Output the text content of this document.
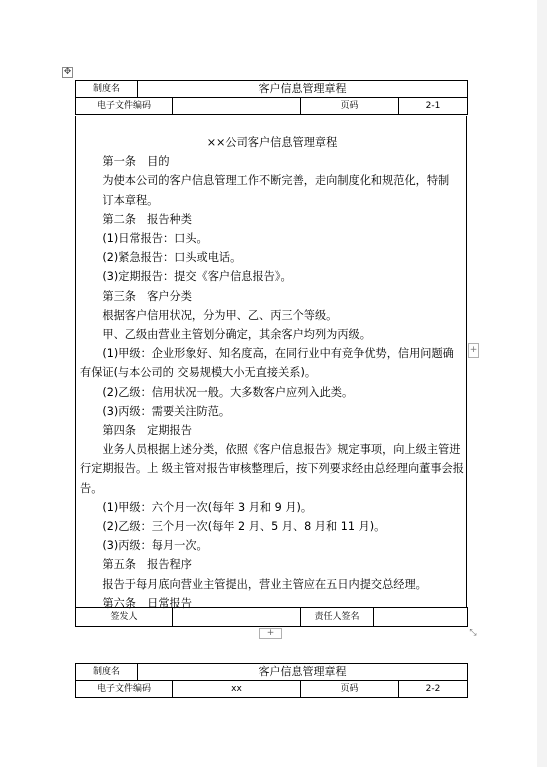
✥
制度名	客户信息管理章程			
电子文件编码			页码	2-1

××公司客户信息管理章程

第一条　目的

为使本公司的客户信息管理工作不断完善，走向制度化和规范化，特制

订本章程。

第二条　报告种类

(1)日常报告：口头。

(2)紧急报告：口头或电话。

(3)定期报告：提交《客户信息报告》。

第三条　客户分类

根据客户信用状况，分为甲、乙、丙三个等级。

甲、乙级由营业主管划分确定，其余客户均列为丙级。

(1)甲级：企业形象好、知名度高，在同行业中有竞争优势，信用问题确有保证(与本公司的 交易规模大小无直接关系)。

(2)乙级：信用状况一般。大多数客户应列入此类。

(3)丙级：需要关注防范。

第四条　定期报告

业务人员根据上述分类，依照《客户信息报告》规定事项，向上级主管进行定期报告。上 级主管对报告审核整理后，按下列要求经由总经理向董事会报告。

(1)甲级：六个月一次(每年 3 月和 9 月)。

(2)乙级：三个月一次(每年 2 月、5 月、8 月和 11 月)。

(3)丙级：每月一次。

第五条　报告程序

报告于每月底向营业主管提出，营业主管应在五日内提交总经理。

第六条　日常报告

签发人		责任人签名	
+
+	⤡
制度名	客户信息管理章程			
电子文件编码		xx	页码	2-2
